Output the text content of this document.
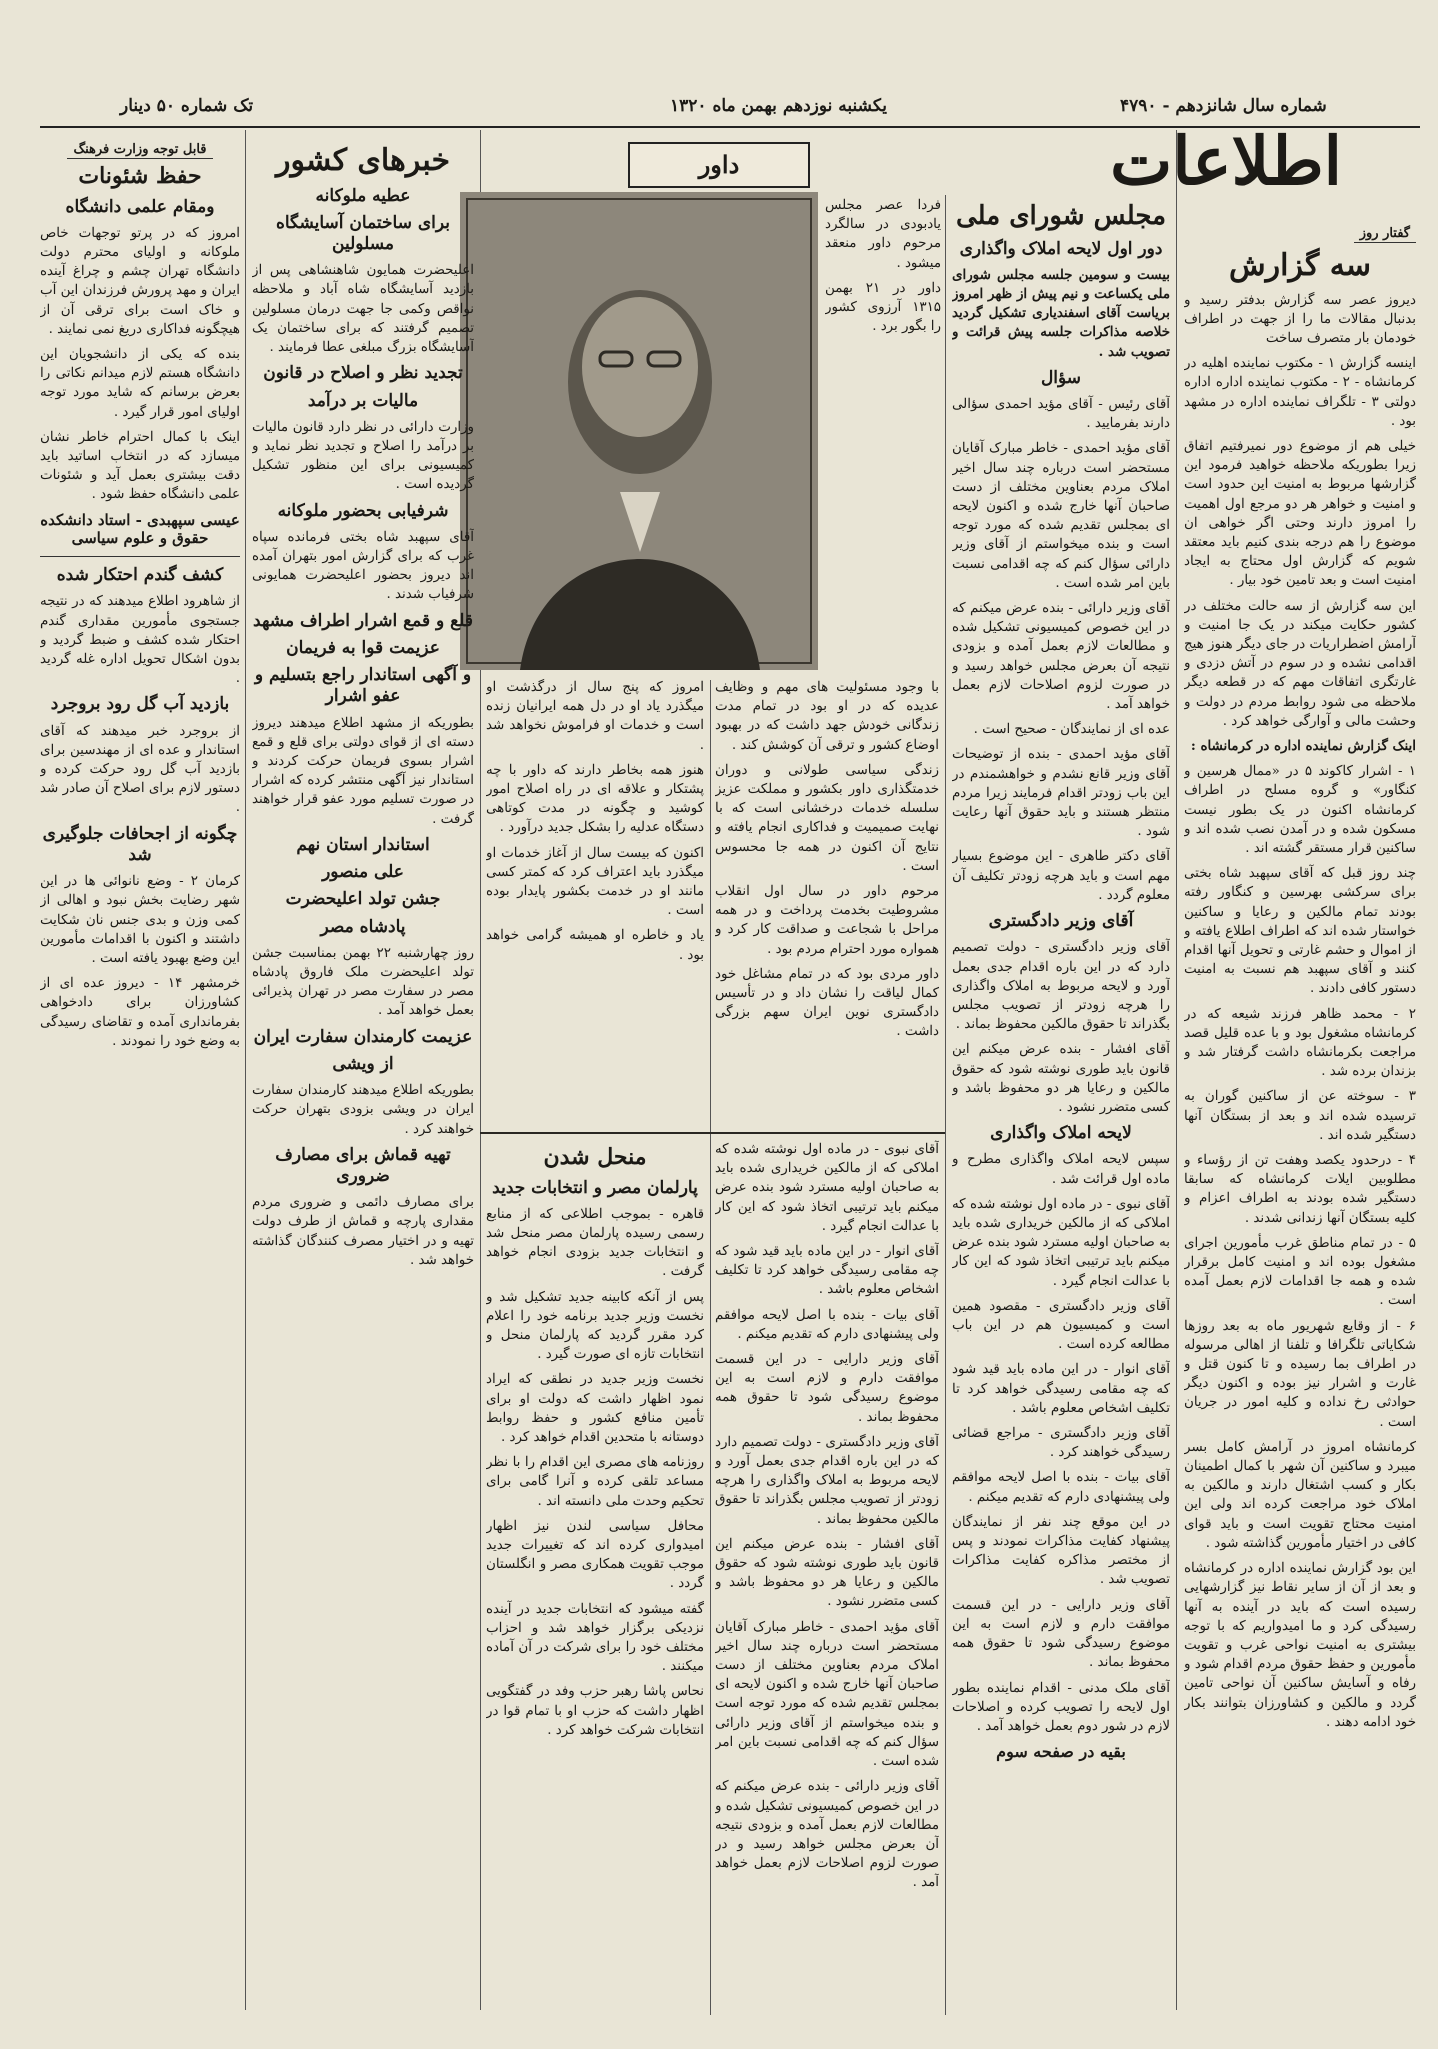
شماره سال شانزدهم - ۴۷۹۰
یکشنبه نوزدهم بهمن ماه ۱۳۲۰
تک شماره ۵۰ دینار
اطلاعات
گفتار روز
سه گزارش

دیروز عصر سه گزارش بدفتر رسید و بدنبال مقالات ما را از جهت در اطراف خودمان بار متصرف ساخت

اینسه گزارش ۱ - مکتوب نماینده اهلیه در کرمانشاه - ۲ - مکتوب نماینده اداره اداره دولتی ۳ - تلگراف نماینده اداره در مشهد بود .

خیلی هم از موضوع دور نمیرفتیم اتفاق زیرا بطوریکه ملاحظه خواهید فرمود این گزارشها مربوط به امنیت این حدود است و امنیت و خواهر هر دو مرجع اول اهمیت را امروز دارند وحتی اگر خواهی ان موضوع را هم درجه بندی کنیم باید معتقد شویم که گزارش اول محتاج به ایجاد امنیت است و بعد تامین خود بیار .

این سه گزارش از سه حالت مختلف در کشور حکایت میکند در یک جا امنیت و آرامش اضطراریات در جای دیگر هنوز هیج اقدامی نشده و در سوم در آتش دزدی و غارتگری اتفاقات مهم که در قطعه دیگر ملاحظه می شود روابط مردم در دولت و وحشت مالی و آوارگی خواهد کرد .

اینک گزارش نماینده اداره در کرمانشاه :

۱ - اشرار کاکوند ۵ در «ممال هرسین و کنگاور» و گروه مسلح در اطراف کرمانشاه اکنون در یک بطور نیست مسکون شده و در آمدن نصب شده اند و ساکنین قرار مستقر گشته اند .

چند روز قبل که آقای سپهبد شاه بختی برای سرکشی بهرسین و کنگاور رفته بودند تمام مالکین و رعایا و ساکنین خواستار شده اند که اطراف اطلاع یافته و از اموال و حشم غارتی و تحویل آنها اقدام کنند و آقای سپهبد هم نسبت به امنیت دستور کافی دادند .

۲ - محمد ظاهر فرزند شیعه که در کرمانشاه مشغول بود و با عده قلیل قصد مراجعت بکرمانشاه داشت گرفتار شد و بزندان برده شد .

۳ - سوخته عن از ساکنین گوران به ترسیده شده اند و بعد از بستگان آنها دستگیر شده اند .

۴ - درحدود یکصد وهفت تن از رؤساء و مطلوبین ایلات کرمانشاه که سابقا دستگیر شده بودند به اطراف اعزام و کلیه بستگان آنها زندانی شدند .

۵ - در تمام مناطق غرب مأمورین اجرای مشغول بوده اند و امنیت کامل برقرار شده و همه جا اقدامات لازم بعمل آمده است .

۶ - از وقایع شهریور ماه به بعد روزها شکایاتی تلگرافا و تلفنا از اهالی مرسوله در اطراف بما رسیده و تا کنون قتل و غارت و اشرار نیز بوده و اکنون دیگر حوادثی رخ نداده و کلیه امور در جریان است .

کرمانشاه امروز در آرامش کامل بسر میبرد و ساکنین آن شهر با کمال اطمینان بکار و کسب اشتغال دارند و مالکین به املاک خود مراجعت کرده اند ولی این امنیت محتاج تقویت است و باید قوای کافی در اختیار مأمورین گذاشته شود .

این بود گزارش نماینده اداره در کرمانشاه و بعد از آن از سایر نقاط نیز گزارشهایی رسیده است که باید در آینده به آنها رسیدگی کرد و ما امیدواریم که با توجه بیشتری به امنیت نواحی غرب و تقویت مأمورین و حفظ حقوق مردم اقدام شود و رفاه و آسایش ساکنین آن نواحی تامین گردد و مالکین و کشاورزان بتوانند بکار خود ادامه دهند .

مجلس شورای ملی
دور اول لایحه املاک واگذاری

بیست و سومین جلسه مجلس شورای ملی یکساعت و نیم پیش از ظهر امروز بریاست آقای اسفندیاری تشکیل گردید خلاصه مذاکرات جلسه پیش قرائت و تصویب شد .

سؤال

آقای رئیس - آقای مؤید احمدی سؤالی دارند بفرمایید .

آقای مؤید احمدی - خاطر مبارک آقایان مستحضر است درباره چند سال اخیر املاک مردم بعناوین مختلف از دست صاحبان آنها خارج شده و اکنون لایحه ای بمجلس تقدیم شده که مورد توجه است و بنده میخواستم از آقای وزیر دارائی سؤال کنم که چه اقدامی نسبت باین امر شده است .

آقای وزیر دارائی - بنده عرض میکنم که در این خصوص کمیسیونی تشکیل شده و مطالعات لازم بعمل آمده و بزودی نتیجه آن بعرض مجلس خواهد رسید و در صورت لزوم اصلاحات لازم بعمل خواهد آمد .

عده ای از نمایندگان - صحیح است .

آقای مؤید احمدی - بنده از توضیحات آقای وزیر قانع نشدم و خواهشمندم در این باب زودتر اقدام فرمایند زیرا مردم منتظر هستند و باید حقوق آنها رعایت شود .

آقای دکتر طاهری - این موضوع بسیار مهم است و باید هرچه زودتر تکلیف آن معلوم گردد .

آقای وزیر دادگستری

آقای وزیر دادگستری - دولت تصمیم دارد که در این باره اقدام جدی بعمل آورد و لایحه مربوط به املاک واگذاری را هرچه زودتر از تصویب مجلس بگذراند تا حقوق مالکین محفوظ بماند .

آقای افشار - بنده عرض میکنم این قانون باید طوری نوشته شود که حقوق مالکین و رعایا هر دو محفوظ باشد و کسی متضرر نشود .

لایحه املاک واگذاری

سپس لایحه املاک واگذاری مطرح و ماده اول قرائت شد .

آقای نبوی - در ماده اول نوشته شده که املاکی که از مالکین خریداری شده باید به صاحبان اولیه مسترد شود بنده عرض میکنم باید ترتیبی اتخاذ شود که این کار با عدالت انجام گیرد .

آقای وزیر دادگستری - مقصود همین است و کمیسیون هم در این باب مطالعه کرده است .

آقای انوار - در این ماده باید قید شود که چه مقامی رسیدگی خواهد کرد تا تکلیف اشخاص معلوم باشد .

آقای وزیر دادگستری - مراجع قضائی رسیدگی خواهند کرد .

آقای بیات - بنده با اصل لایحه موافقم ولی پیشنهادی دارم که تقدیم میکنم .

در این موقع چند نفر از نمایندگان پیشنهاد کفایت مذاکرات نمودند و پس از مختصر مذاکره کفایت مذاکرات تصویب شد .

آقای وزیر دارایی - در این قسمت موافقت دارم و لازم است به این موضوع رسیدگی شود تا حقوق همه محفوظ بماند .

آقای ملک مدنی - اقدام نماینده بطور اول لایحه را تصویب کرده و اصلاحات لازم در شور دوم بعمل خواهد آمد .

بقیه در صفحه سوم
داور

فردا عصر مجلس یادبودی در سالگرد مرحوم داور منعقد میشود .

داور در ۲۱ بهمن ۱۳۱۵ آرزوی کشور را بگور برد .

با وجود مسئولیت های مهم و وظایف عدیده که در او بود در تمام مدت زندگانی خودش جهد داشت که در بهبود اوضاع کشور و ترقی آن کوشش کند .

زندگی سیاسی طولانی و دوران خدمتگذاری داور بکشور و مملکت عزیز سلسله خدمات درخشانی است که با نهایت صمیمیت و فداکاری انجام یافته و نتایج آن اکنون در همه جا محسوس است .

مرحوم داور در سال اول انقلاب مشروطیت بخدمت پرداخت و در همه مراحل با شجاعت و صداقت کار کرد و همواره مورد احترام مردم بود .

داور مردی بود که در تمام مشاغل خود کمال لیاقت را نشان داد و در تأسیس دادگستری نوین ایران سهم بزرگی داشت .

امروز که پنج سال از درگذشت او میگذرد یاد او در دل همه ایرانیان زنده است و خدمات او فراموش نخواهد شد .

هنوز همه بخاطر دارند که داور با چه پشتکار و علاقه ای در راه اصلاح امور کوشید و چگونه در مدت کوتاهی دستگاه عدلیه را بشکل جدید درآورد .

اکنون که بیست سال از آغاز خدمات او میگذرد باید اعتراف کرد که کمتر کسی مانند او در خدمت بکشور پایدار بوده است .

یاد و خاطره او همیشه گرامی خواهد بود .

منحل شدن
پارلمان مصر و انتخابات جدید

قاهره - بموجب اطلاعی که از منابع رسمی رسیده پارلمان مصر منحل شد و انتخابات جدید بزودی انجام خواهد گرفت .

پس از آنکه کابینه جدید تشکیل شد و نخست وزیر جدید برنامه خود را اعلام کرد مقرر گردید که پارلمان منحل و انتخابات تازه ای صورت گیرد .

نخست وزیر جدید در نطقی که ایراد نمود اظهار داشت که دولت او برای تأمین منافع کشور و حفظ روابط دوستانه با متحدین اقدام خواهد کرد .

روزنامه های مصری این اقدام را با نظر مساعد تلقی کرده و آنرا گامی برای تحکیم وحدت ملی دانسته اند .

محافل سیاسی لندن نیز اظهار امیدواری کرده اند که تغییرات جدید موجب تقویت همکاری مصر و انگلستان گردد .

گفته میشود که انتخابات جدید در آینده نزدیکی برگزار خواهد شد و احزاب مختلف خود را برای شرکت در آن آماده میکنند .

نحاس پاشا رهبر حزب وفد در گفتگویی اظهار داشت که حزب او با تمام قوا در انتخابات شرکت خواهد کرد .

آقای نبوی - در ماده اول نوشته شده که املاکی که از مالکین خریداری شده باید به صاحبان اولیه مسترد شود بنده عرض میکنم باید ترتیبی اتخاذ شود که این کار با عدالت انجام گیرد .

آقای انوار - در این ماده باید قید شود که چه مقامی رسیدگی خواهد کرد تا تکلیف اشخاص معلوم باشد .

آقای بیات - بنده با اصل لایحه موافقم ولی پیشنهادی دارم که تقدیم میکنم .

آقای وزیر دارایی - در این قسمت موافقت دارم و لازم است به این موضوع رسیدگی شود تا حقوق همه محفوظ بماند .

آقای وزیر دادگستری - دولت تصمیم دارد که در این باره اقدام جدی بعمل آورد و لایحه مربوط به املاک واگذاری را هرچه زودتر از تصویب مجلس بگذراند تا حقوق مالکین محفوظ بماند .

آقای افشار - بنده عرض میکنم این قانون باید طوری نوشته شود که حقوق مالکین و رعایا هر دو محفوظ باشد و کسی متضرر نشود .

آقای مؤید احمدی - خاطر مبارک آقایان مستحضر است درباره چند سال اخیر املاک مردم بعناوین مختلف از دست صاحبان آنها خارج شده و اکنون لایحه ای بمجلس تقدیم شده که مورد توجه است و بنده میخواستم از آقای وزیر دارائی سؤال کنم که چه اقدامی نسبت باین امر شده است .

آقای وزیر دارائی - بنده عرض میکنم که در این خصوص کمیسیونی تشکیل شده و مطالعات لازم بعمل آمده و بزودی نتیجه آن بعرض مجلس خواهد رسید و در صورت لزوم اصلاحات لازم بعمل خواهد آمد .

خبرهای کشور
عطیه ملوکانه
برای ساختمان آسایشگاه مسلولین

اعلیحضرت همایون شاهنشاهی پس از بازدید آسایشگاه شاه آباد و ملاحظه نواقص وکمی جا جهت درمان مسلولین تصمیم گرفتند که برای ساختمان یک آسایشگاه بزرگ مبلغی عطا فرمایند .

تجدید نظر و اصلاح در قانون
مالیات بر درآمد

وزارت دارائی در نظر دارد قانون مالیات بر درآمد را اصلاح و تجدید نظر نماید و کمیسیونی برای این منظور تشکیل گردیده است .

شرفیابی بحضور ملوکانه

آقای سپهبد شاه بختی فرمانده سپاه غرب که برای گزارش امور بتهران آمده اند دیروز بحضور اعلیحضرت همایونی شرفیاب شدند .

قلع و قمع اشرار اطراف مشهد
عزیمت قوا به فریمان
و آگهی استاندار راجع بتسلیم و عفو اشرار

بطوریکه از مشهد اطلاع میدهند دیروز دسته ای از قوای دولتی برای قلع و قمع اشرار بسوی فریمان حرکت کردند و استاندار نیز آگهی منتشر کرده که اشرار در صورت تسلیم مورد عفو قرار خواهند گرفت .

استاندار استان نهم
علی منصور
جشن تولد اعلیحضرت
پادشاه مصر

روز چهارشنبه ۲۲ بهمن بمناسبت جشن تولد اعلیحضرت ملک فاروق پادشاه مصر در سفارت مصر در تهران پذیرائی بعمل خواهد آمد .

عزیمت کارمندان سفارت ایران
از ویشی

بطوریکه اطلاع میدهند کارمندان سفارت ایران در ویشی بزودی بتهران حرکت خواهند کرد .

تهیه قماش برای مصارف ضروری

برای مصارف دائمی و ضروری مردم مقداری پارچه و قماش از طرف دولت تهیه و در اختیار مصرف کنندگان گذاشته خواهد شد .

قابل توجه وزارت فرهنگ
حفظ شئونات
ومقام علمی دانشگاه

امروز که در پرتو توجهات خاص ملوکانه و اولیای محترم دولت دانشگاه تهران چشم و چراغ آینده ایران و مهد پرورش فرزندان این آب و خاک است برای ترقی آن از هیچگونه فداکاری دریغ نمی نمایند .

بنده که یکی از دانشجویان این دانشگاه هستم لازم میدانم نکاتی را بعرض برسانم که شاید مورد توجه اولیای امور قرار گیرد .

اینک با کمال احترام خاطر نشان میسازد که در انتخاب اساتید باید دقت بیشتری بعمل آید و شئونات علمی دانشگاه حفظ شود .

عیسی سپهبدی - استاد دانشکده حقوق و علوم سیاسی
کشف گندم احتکار شده

از شاهرود اطلاع میدهند که در نتیجه جستجوی مأمورین مقداری گندم احتکار شده کشف و ضبط گردید و بدون اشکال تحویل اداره غله گردید .

بازدید آب گل رود بروجرد

از بروجرد خبر میدهند که آقای استاندار و عده ای از مهندسین برای بازدید آب گل رود حرکت کرده و دستور لازم برای اصلاح آن صادر شد .

چگونه از اجحافات جلوگیری شد

کرمان ۲ - وضع نانوائی ها در این شهر رضایت بخش نبود و اهالی از کمی وزن و بدی جنس نان شکایت داشتند و اکنون با اقدامات مأمورین این وضع بهبود یافته است .

خرمشهر ۱۴ - دیروز عده ای از کشاورزان برای دادخواهی بفرمانداری آمده و تقاضای رسیدگی به وضع خود را نمودند .
